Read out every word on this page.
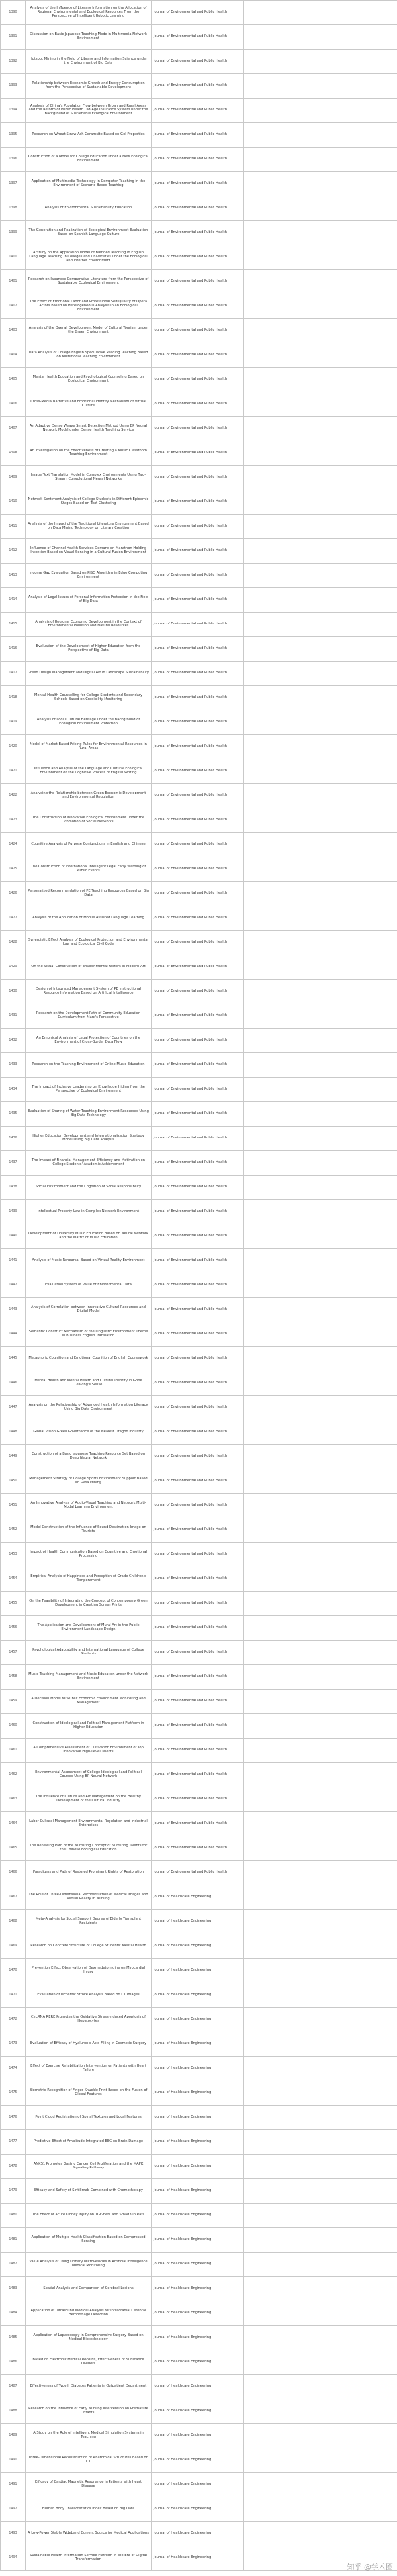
1390	Analysis of the Influence of Literary Information on the Allocation of Regional Environmental and Ecological Resources From the Perspective of Intelligent Robotic Learning	Journal of Environmental and Public Health		
1391	Discussion on Basic Japanese Teaching Mode in Multimedia Network Environment	Journal of Environmental and Public Health		
1392	Hotspot Mining in the Field of Library and Information Science under the Environment of Big Data	Journal of Environmental and Public Health		
1393	Relationship between Economic Growth and Energy Consumption from the Perspective of Sustainable Development	Journal of Environmental and Public Health		
1394	Analysis of China's Population Flow between Urban and Rural Areas and the Reform of Public Health Old-Age Insurance System under the Background of Sustainable Ecological Environment	Journal of Environmental and Public Health		
1395	Research on Wheat Straw Ash Ceramsite Based on Gel Properties	Journal of Environmental and Public Health		
1396	Construction of a Model for College Education under a New Ecological Environment	Journal of Environmental and Public Health		
1397	Application of Multimedia Technology in Computer Teaching in the Environment of Scenario-Based Teaching	Journal of Environmental and Public Health		
1398	Analysis of Environmental Sustainability Education	Journal of Environmental and Public Health		
1399	The Generation and Realization of Ecological Environment Evaluation Based on Spanish Language Culture	Journal of Environmental and Public Health		
1400	A Study on the Application Model of Blended Teaching in English Language Teaching in Colleges and Universities under the Ecological and Internet Environment	Journal of Environmental and Public Health		
1401	Research on Japanese Comparative Literature from the Perspective of Sustainable Ecological Environment	Journal of Environmental and Public Health		
1402	The Effect of Emotional Labor and Professional Self-Quality of Opera Actors Based on Heterogeneous Analysis in an Ecological Environment	Journal of Environmental and Public Health		
1403	Analysis of the Overall Development Model of Cultural Tourism under the Green Environment	Journal of Environmental and Public Health		
1404	Data Analysis of College English Speculative Reading Teaching Based on Multimodal Teaching Environment	Journal of Environmental and Public Health		
1405	Mental Health Education and Psychological Counseling Based on Ecological Environment	Journal of Environmental and Public Health		
1406	Cross-Media Narrative and Emotional Identity Mechanism of Virtual Culture	Journal of Environmental and Public Health		
1407	An Adaptive Dense Weave Smart Detection Method Using BP Neural Network Model under Dense Health Teaching Service	Journal of Environmental and Public Health		
1408	An Investigation on the Effectiveness of Creating a Music Classroom Teaching Environment	Journal of Environmental and Public Health		
1409	Image Text Translation Model in Complex Environments Using Two-Stream Convolutional Neural Networks	Journal of Environmental and Public Health		
1410	Network Sentiment Analysis of College Students in Different Epidemic Stages Based on Text Clustering	Journal of Environmental and Public Health		
1411	Analysis of the Impact of the Traditional Literature Environment Based on Data Mining Technology on Literary Creation	Journal of Environmental and Public Health		
1412	Influence of Channel Health Services Demand on Marathon Holding Intention Based on Visual Sensing in a Cultural Fusion Environment	Journal of Environmental and Public Health		
1413	Income Gap Evaluation Based on PISO Algorithm in Edge Computing Environment	Journal of Environmental and Public Health		
1414	Analysis of Legal Issues of Personal Information Protection in the Field of Big Data	Journal of Environmental and Public Health		
1415	Analysis of Regional Economic Development in the Context of Environmental Pollution and Natural Resources	Journal of Environmental and Public Health		
1416	Evaluation of the Development of Higher Education from the Perspective of Big Data	Journal of Environmental and Public Health		
1417	Green Design Management and Digital Art in Landscape Sustainability	Journal of Environmental and Public Health		
1418	Mental Health Counselling for College Students and Secondary Schools Based on Credibility Monitoring	Journal of Environmental and Public Health		
1419	Analysis of Local Cultural Heritage under the Background of Ecological Environment Protection	Journal of Environmental and Public Health		
1420	Model of Market-Based Pricing Rules for Environmental Resources in Rural Areas	Journal of Environmental and Public Health		
1421	Influence and Analysis of the Language and Cultural Ecological Environment on the Cognitive Process of English Writing	Journal of Environmental and Public Health		
1422	Analysing the Relationship between Green Economic Development and Environmental Regulation	Journal of Environmental and Public Health		
1423	The Construction of Innovative Ecological Environment under the Promotion of Social Networks	Journal of Environmental and Public Health		
1424	Cognitive Analysis of Purpose Conjunctions in English and Chinese	Journal of Environmental and Public Health		
1425	The Construction of International Intelligent Legal Early Warning of Public Events	Journal of Environmental and Public Health		
1426	Personalized Recommendation of PE Teaching Resources Based on Big Data	Journal of Environmental and Public Health		
1427	Analysis of the Application of Mobile Assisted Language Learning	Journal of Environmental and Public Health		
1428	Synergistic Effect Analysis of Ecological Protection and Environmental Law and Ecological Civil Code	Journal of Environmental and Public Health		
1429	On the Visual Construction of Environmental Factors in Modern Art	Journal of Environmental and Public Health		
1430	Design of Integrated Management System of PE Instructional Resource Information Based on Artificial Intelligence	Journal of Environmental and Public Health		
1431	Research on the Development Path of Community Education Curriculum from Marx's Perspective	Journal of Environmental and Public Health		
1432	An Empirical Analysis of Legal Protection of Countries on the Environment of Cross-Border Data Flow	Journal of Environmental and Public Health		
1433	Research on the Teaching Environment of Online Music Education	Journal of Environmental and Public Health		
1434	The Impact of Inclusive Leadership on Knowledge Hiding from the Perspective of Ecological Environment	Journal of Environmental and Public Health		
1435	Evaluation of Sharing of Water Teaching Environment Resources Using Big Data Technology	Journal of Environmental and Public Health		
1436	Higher Education Development and Internationalization Strategy Model Using Big Data Analysis	Journal of Environmental and Public Health		
1437	The Impact of Financial Management Efficiency and Motivation on College Students' Academic Achievement	Journal of Environmental and Public Health		
1438	Social Environment and the Cognition of Social Responsibility	Journal of Environmental and Public Health		
1439	Intellectual Property Law in Complex Network Environment	Journal of Environmental and Public Health		
1440	Development of University Music Education Based on Neural Network and the Matrix of Music Education	Journal of Environmental and Public Health		
1441	Analysis of Music Rehearsal Based on Virtual Reality Environment	Journal of Environmental and Public Health		
1442	Evaluation System of Value of Environmental Data	Journal of Environmental and Public Health		
1443	Analysis of Correlation between Innovative Cultural Resources and Digital Model	Journal of Environmental and Public Health		
1444	Semantic Construct Mechanism of the Linguistic Environment Theme in Business English Translation	Journal of Environmental and Public Health		
1445	Metaphoric Cognition and Emotional Cognition of English Coursework	Journal of Environmental and Public Health		
1446	Mental Health and Mental Health and Cultural Identity in Gone Leaving's Sense	Journal of Environmental and Public Health		
1447	Analysis on the Relationship of Advanced Health Information Literacy Using Big Data Environment	Journal of Environmental and Public Health		
1448	Global Vision Green Governance of the Nearest Dragon Industry	Journal of Environmental and Public Health		
1449	Construction of a Basic Japanese Teaching Resource Set Based on Deep Neural Network	Journal of Environmental and Public Health		
1450	Management Strategy of College Sports Environment Support Based on Data Mining	Journal of Environmental and Public Health		
1451	An Innovative Analysis of Audio-Visual Teaching and Network Multi-Modal Learning Environment	Journal of Environmental and Public Health		
1452	Model Construction of the Influence of Sound Destination Image on Tourists	Journal of Environmental and Public Health		
1453	Impact of Health Communication Based on Cognitive and Emotional Processing	Journal of Environmental and Public Health		
1454	Empirical Analysis of Happiness and Perception of Grade Children's Temperament	Journal of Environmental and Public Health		
1455	On the Feasibility of Integrating the Concept of Contemporary Green Development in Creating Screen Prints	Journal of Environmental and Public Health		
1456	The Application and Development of Mural Art in the Public Environment Landscape Design	Journal of Environmental and Public Health		
1457	Psychological Adaptability and International Language of College Students	Journal of Environmental and Public Health		
1458	Music Teaching Management and Music Education under the Network Environment	Journal of Environmental and Public Health		
1459	A Decision Model for Public Economic Environment Monitoring and Management	Journal of Environmental and Public Health		
1460	Construction of Ideological and Political Management Platform in Higher Education	Journal of Environmental and Public Health		
1461	A Comprehensive Assessment of Cultivation Environment of Top Innovative High-Level Talents	Journal of Environmental and Public Health		
1462	Environmental Assessment of College Ideological and Political Courses Using BP Neural Network	Journal of Environmental and Public Health		
1463	The Influence of Culture and Art Management on the Healthy Development of the Cultural Industry	Journal of Environmental and Public Health		
1464	Labor Cultural Management Environmental Regulation and Industrial Enterprises	Journal of Environmental and Public Health		
1465	The Renewing Path of the Nurturing Concept of Nurturing Talents for the Chinese Ecological Education	Journal of Environmental and Public Health		
1466	Paradigms and Path of Restored Prominent Rights of Restoration	Journal of Environmental and Public Health		
1467	The Role of Three-Dimensional Reconstruction of Medical Images and Virtual Reality in Nursing	Journal of Healthcare Engineering		
1468	Meta-Analysis for Social Support Degree of Elderly Transplant Recipients	Journal of Healthcare Engineering		
1469	Research on Concrete Structure of College Students' Mental Health	Journal of Healthcare Engineering		
1470	Prevention Effect Observation of Dexmedetomidine on Myocardial Injury	Journal of Healthcare Engineering		
1471	Evaluation of Ischemic Stroke Analysis Based on CT Images	Journal of Healthcare Engineering		
1472	CircRNA RERE Promotes the Oxidative Stress-Induced Apoptosis of Hepatocytes	Journal of Healthcare Engineering		
1473	Evaluation of Efficacy of Hyaluronic Acid Filling in Cosmetic Surgery	Journal of Healthcare Engineering		
1474	Effect of Exercise Rehabilitation Intervention on Patients with Heart Failure	Journal of Healthcare Engineering		
1475	Biometric Recognition of Finger-Knuckle Print Based on the Fusion of Global Features	Journal of Healthcare Engineering		
1476	Point Cloud Registration of Spinal Textures and Local Features	Journal of Healthcare Engineering		
1477	Predictive Effect of Amplitude-Integrated EEG on Brain Damage	Journal of Healthcare Engineering		
1478	ANKS1 Promotes Gastric Cancer Cell Proliferation and the MAPK Signaling Pathway	Journal of Healthcare Engineering		
1479	Efficacy and Safety of Sintilimab Combined with Chemotherapy	Journal of Healthcare Engineering		
1480	The Effect of Acute Kidney Injury on TGF-beta and Smad3 in Rats	Journal of Healthcare Engineering		
1481	Application of Multiple Health Classification Based on Compressed Sensing	Journal of Healthcare Engineering		
1482	Value Analysis of Using Urinary Microvesicles in Artificial Intelligence Medical Monitoring	Journal of Healthcare Engineering		
1483	Spatial Analysis and Comparison of Cerebral Lesions	Journal of Healthcare Engineering		
1484	Application of Ultrasound Medical Analysis for Intracranial Cerebral Hemorrhage Detection	Journal of Healthcare Engineering		
1485	Application of Laparoscopy in Comprehensive Surgery Based on Medical Biotechnology	Journal of Healthcare Engineering		
1486	Based on Electronic Medical Records, Effectiveness of Substance Dividers	Journal of Healthcare Engineering		
1487	Effectiveness of Type II Diabetes Patients in Outpatient Department	Journal of Healthcare Engineering		
1488	Research on the Influence of Early Nursing Intervention on Premature Infants	Journal of Healthcare Engineering		
1489	A Study on the Role of Intelligent Medical Simulation Systems in Teaching	Journal of Healthcare Engineering		
1490	Three-Dimensional Reconstruction of Anatomical Structures Based on CT	Journal of Healthcare Engineering		
1491	Efficacy of Cardiac Magnetic Resonance in Patients with Heart Disease	Journal of Healthcare Engineering		
1492	Human Body Characteristics Index Based on Big Data	Journal of Healthcare Engineering		
1493	A Low-Power Stable Wideband Current Source for Medical Applications	Journal of Healthcare Engineering		
1494	Sustainable Health Information Service Platform in the Era of Digital Transformation	Journal of Healthcare Engineering		
知乎 @学术圈
